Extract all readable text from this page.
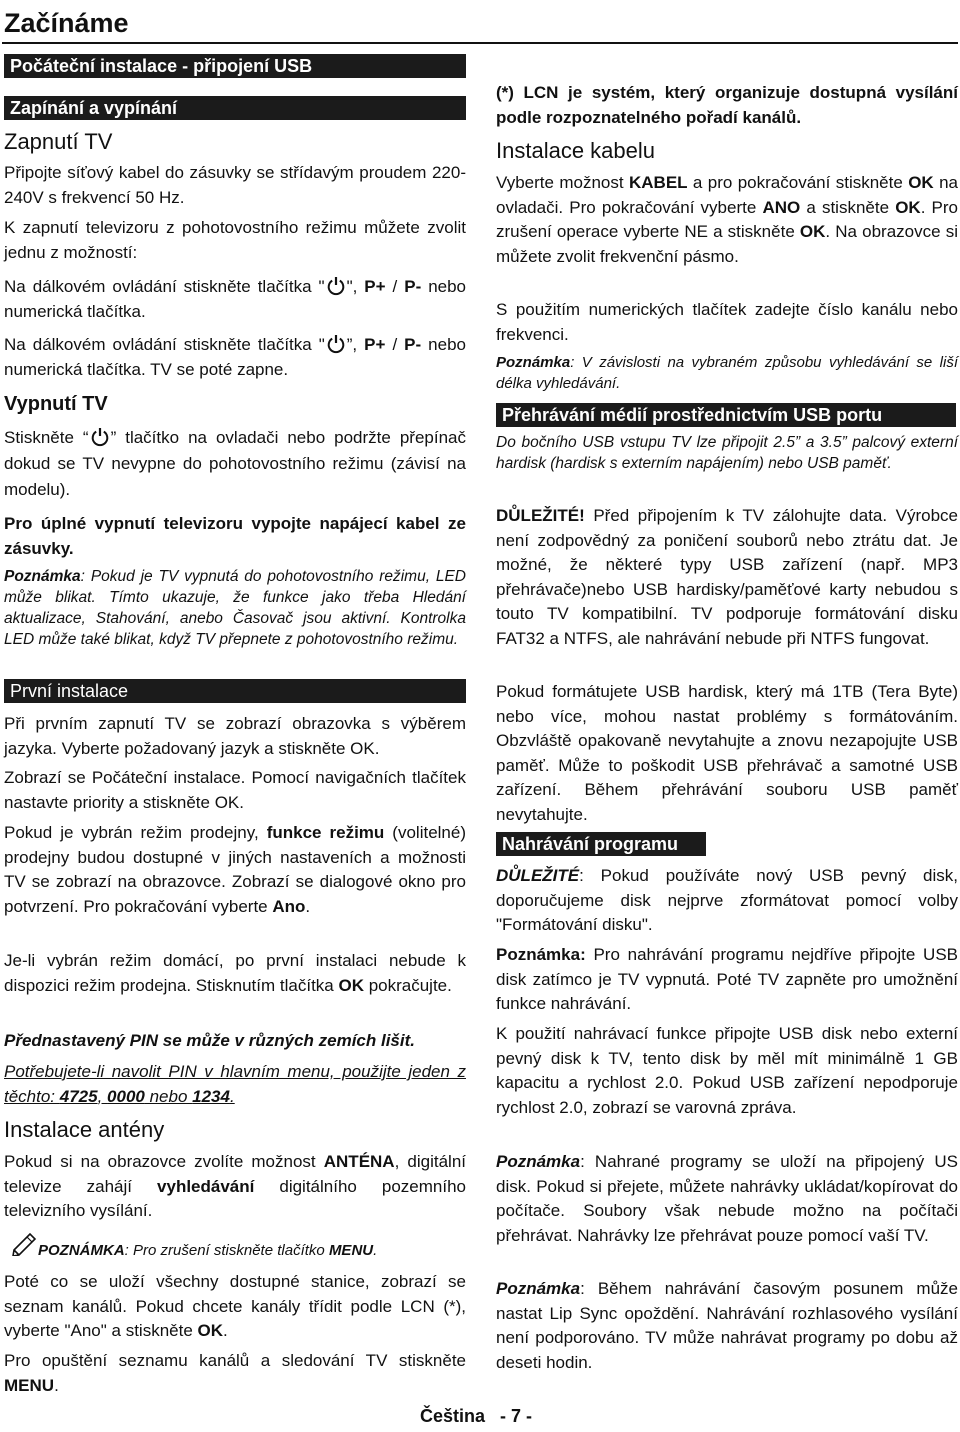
Začínáme
Počáteční instalace - připojení USB
Zapínání a vypínání
Zapnutí TV

Připojte síťový kabel do zásuvky se střídavým proudem 220-240V s frekvencí 50 Hz.

K zapnutí televizoru z pohotovostního režimu můžete zvolit jednu z možností:

Na dálkovém ovládání stiskněte tlačítka " ", P+ / P- nebo numerická tlačítka.

Na dálkovém ovládání stiskněte tlačítka " ”, P+ / P- nebo numerická tlačítka. TV se poté zapne.

Vypnutí TV

Stiskněte “ ” tlačítko na ovladači nebo podržte přepínač dokud se TV nevypne do pohotovostního režimu (závisí na modelu).

Pro úplné vypnutí televizoru vypojte napájecí kabel ze zásuvky.

Poznámka: Pokud je TV vypnutá do pohotovostního režimu, LED může blikat. Tímto ukazuje, že funkce jako třeba Hledání aktualizace, Stahování, anebo Časovač jsou aktivní. Kontrolka LED může také blikat, když TV přepnete z pohotovostního režimu.

První instalace

Při prvním zapnutí TV se zobrazí obrazovka s výběrem jazyka. Vyberte požadovaný jazyk a stiskněte OK.

Zobrazí se Počáteční instalace. Pomocí navigačních tlačítek nastavte priority a stiskněte OK.

Pokud je vybrán režim prodejny, funkce režimu (volitelné) prodejny budou dostupné v jiných nastaveních a možnosti TV se zobrazí na obrazovce. Zobrazí se dialogové okno pro potvrzení. Pro pokračování vyberte Ano.

Je-li vybrán režim domácí, po první instalaci nebude k dispozici režim prodejna. Stisknutím tlačítka OK pokračujte.

Přednastavený PIN se může v různých zemích lišit.

Potřebujete-li navolit PIN v hlavním menu, použijte jeden z těchto: 4725, 0000 nebo 1234.

Instalace antény

Pokud si na obrazovce zvolíte možnost ANTÉNA, digitální televize zahájí vyhledávání digitálního pozemního televizního vysílání.

POZNÁMKA: Pro zrušení stiskněte tlačítko MENU.

Poté co se uloží všechny dostupné stanice, zobrazí se seznam kanálů. Pokud chcete kanály třídit podle LCN (*), vyberte "Ano" a stiskněte OK.

Pro opuštění seznamu kanálů a sledování TV stiskněte MENU.

(*) LCN je systém, který organizuje dostupná vysílání podle rozpoznatelného pořadí kanálů.

Instalace kabelu

Vyberte možnost KABEL a pro pokračování stiskněte OK na ovladači. Pro pokračování vyberte ANO a stiskněte OK. Pro zrušení operace vyberte NE a stiskněte OK. Na obrazovce si můžete zvolit frekvenční pásmo.

S použitím numerických tlačítek zadejte číslo kanálu nebo frekvenci.

Poznámka: V závislosti na vybraném způsobu vyhledávání se liší délka vyhledávání.

Přehrávání médií prostřednictvím USB portu

Do bočního USB vstupu TV lze připojit 2.5” a 3.5” palcový externí hardisk (hardisk s externím napájením) nebo USB paměť.

DŮLEŽITÉ! Před připojením k TV zálohujte data. Výrobce není zodpovědný za poničení souborů nebo ztrátu dat. Je možné, že některé typy USB zařízení (např. MP3 přehrávače)nebo USB hardisky/paměťové karty nebudou s touto TV kompatibilní. TV podporuje formátování disku FAT32 a NTFS, ale nahrávání nebude při NTFS fungovat.

Pokud formátujete USB hardisk, který má 1TB (Tera Byte) nebo více, mohou nastat problémy s formátováním. Obzvláště opakovaně nevytahujte a znovu nezapojujte USB paměť. Může to poškodit USB přehrávač a samotné USB zařízení. Během přehrávání souboru USB paměť nevytahujte.

Nahrávání programu

DŮLEŽITÉ: Pokud používáte nový USB pevný disk, doporučujeme disk nejprve zformátovat pomocí volby "Formátování disku".

Poznámka: Pro nahrávání programu nejdříve připojte USB disk zatímco je TV vypnutá. Poté TV zapněte pro umožnění funkce nahrávání.

K použití nahrávací funkce připojte USB disk nebo externí pevný disk k TV, tento disk by měl mít minimálně 1 GB kapacitu a rychlost 2.0. Pokud USB zařízení nepodporuje rychlost 2.0, zobrazí se varovná zpráva.

Poznámka: Nahrané programy se uloží na připojený US disk. Pokud si přejete, můžete nahrávky ukládat/kopírovat do počítače. Soubory však nebude možno na počítači přehrávat. Nahrávky lze přehrávat pouze pomocí vaší TV.

Poznámka: Během nahrávání časovým posunem může nastat Lip Sync opoždění. Nahrávání rozhlasového vysílání není podporováno. TV může nahrávat programy po dobu až deseti hodin.

Čeština   - 7 -
